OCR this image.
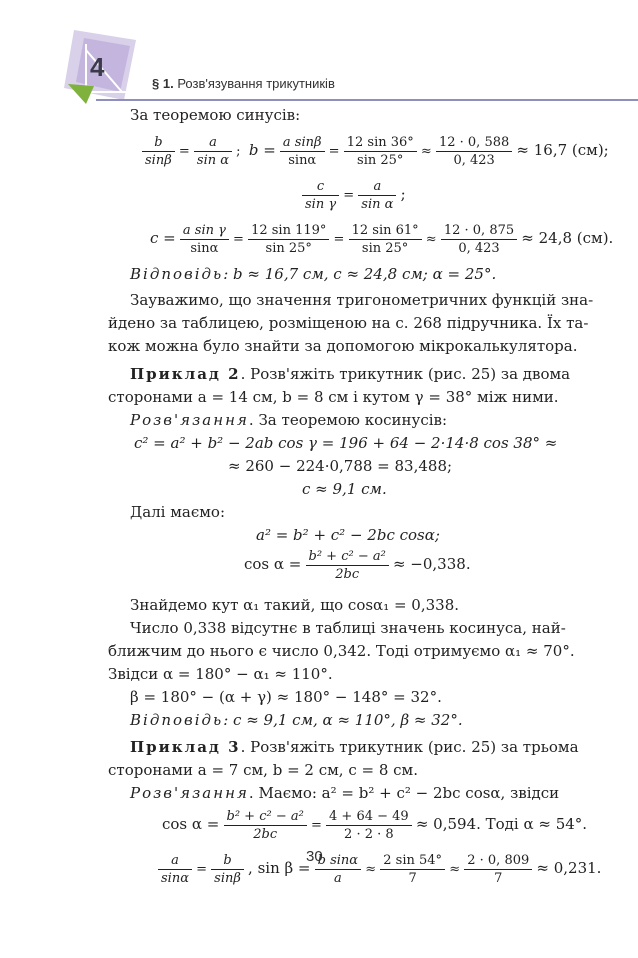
4
§ 1. Розв'язування трикутників
За теоремою синусів:
$\frac{b}{\sin\beta} = \frac{a}{\text{sin α}}$ ; $b = \frac{\text{a sinβ}}{\sin\alpha} = \frac{12 \sin 36^\circ}{\sin 25^\circ} \approx \frac{12 \cdot 0, 588}{0, 423} \approx 16,7$ (см);
$\frac{c}{\text{sin γ}} = \frac{a}{\text{sin α}}$ ;
$c = \frac{\text{a sin γ}}{\sin\alpha} = \frac{12 \sin 119^\circ}{\sin 25^\circ} = \frac{12 \sin 61^\circ}{\sin 25^\circ} \approx \frac{12 \cdot 0, 875}{0, 423} \approx 24,8$ (см).
Відповідь: b ≈ 16,7 см, c ≈ 24,8 см; α = 25°.
Зауважимо, що значення тригонометричних функцій зна-
йдено за таблицею, розміщеною на с. 268 підручника. Їх та-
кож можна було знайти за допомогою мікрокалькулятора.
Приклад 2. Розв'яжіть трикутник (рис. 25) за двома
сторонами a = 14 см, b = 8 см і кутом γ = 38° між ними.
Розв'язання. За теоремою косинусів:
c² = a² + b² − 2ab cos γ = 196 + 64 − 2·14·8 cos 38° ≈
≈ 260 − 224·0,788 = 83,488;
c ≈ 9,1 см.
Далі маємо:
a² = b² + c² − 2bc cosα;
$\cos \alpha = \frac{\text{b² + c² − a²}}{2bc} \approx -0,338$.
Знайдемо кут α₁ такий, що cosα₁ = 0,338.
Число 0,338 відсутнє в таблиці значень косинуса, най-
ближчим до нього є число 0,342. Тоді отримуємо α₁ ≈ 70°.
Звідси α = 180° − α₁ ≈ 110°.
β = 180° − (α + γ) ≈ 180° − 148° = 32°.
Відповідь: c ≈ 9,1 см, α ≈ 110°, β ≈ 32°.
Приклад 3. Розв'яжіть трикутник (рис. 25) за трьома
сторонами a = 7 см, b = 2 см, c = 8 см.
Розв'язання. Маємо: a² = b² + c² − 2bc cosα, звідси
$\cos \alpha = \frac{\text{b² + c² − a²}}{2bc} = \frac{4 + 64 - 49}{2 \cdot 2 \cdot 8} \approx 0,594$. Тоді α ≈ 54°.
$\frac{a}{\sin\alpha} = \frac{b}{\sin\beta}$ , $\sin \beta = \frac{\text{b sinα}}{a} \approx \frac{2 \sin 54^\circ}{7} \approx \frac{2 \cdot 0, 809}{7} \approx 0,231$.
30
